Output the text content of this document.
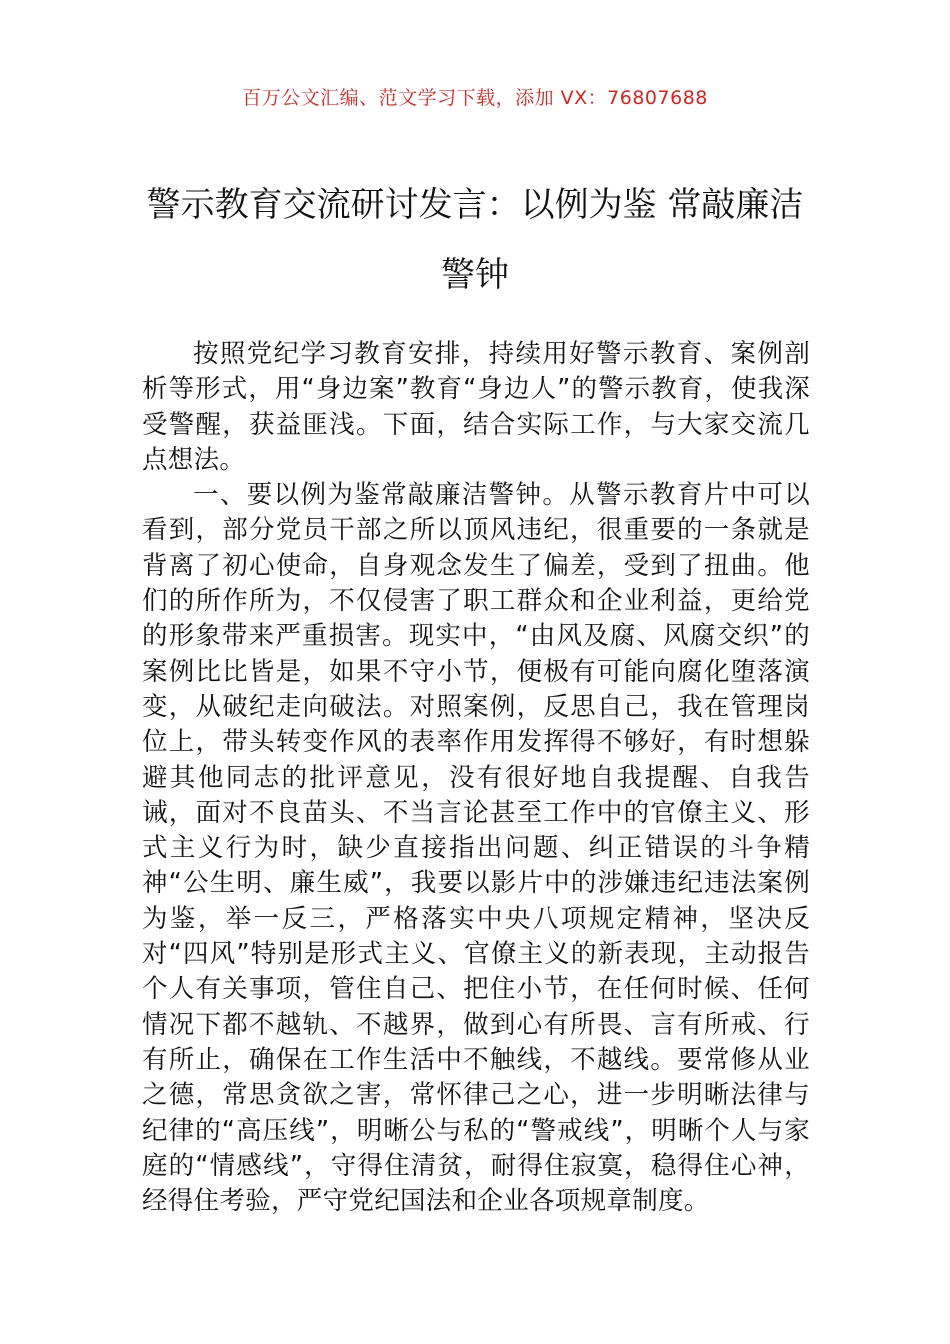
百万公文汇编、范文学习下载，添加 VX：76807688
警示教育交流研讨发言：以例为鉴 常敲廉洁警钟

按照党纪学习教育安排，持续用好警示教育、案例剖析等形式，用“身边案”教育“身边人”的警示教育，使我深受警醒，获益匪浅。下面，结合实际工作，与大家交流几点想法。

一、要以例为鉴常敲廉洁警钟。从警示教育片中可以看到，部分党员干部之所以顶风违纪，很重要的一条就是背离了初心使命，自身观念发生了偏差，受到了扭曲。他们的所作所为，不仅侵害了职工群众和企业利益，更给党的形象带来严重损害。现实中，“由风及腐、风腐交织”的案例比比皆是，如果不守小节，便极有可能向腐化堕落演变，从破纪走向破法。对照案例，反思自己，我在管理岗位上，带头转变作风的表率作用发挥得不够好，有时想躲避其他同志的批评意见，没有很好地自我提醒、自我告诫，面对不良苗头、不当言论甚至工作中的官僚主义、形式主义行为时，缺少直接指出问题、纠正错误的斗争精神“公生明、廉生威”，我要以影片中的涉嫌违纪违法案例为鉴，举一反三，严格落实中央八项规定精神，坚决反对“四风”特别是形式主义、官僚主义的新表现，主动报告个人有关事项，管住自己、把住小节，在任何时候、任何情况下都不越轨、不越界，做到心有所畏、言有所戒、行有所止，确保在工作生活中不触线，不越线。要常修从业之德，常思贪欲之害，常怀律己之心，进一步明晰法律与纪律的“高压线”，明晰公与私的“警戒线”，明晰个人与家庭的“情感线”，守得住清贫，耐得住寂寞，稳得住心神，经得住考验，严守党纪国法和企业各项规章制度。
